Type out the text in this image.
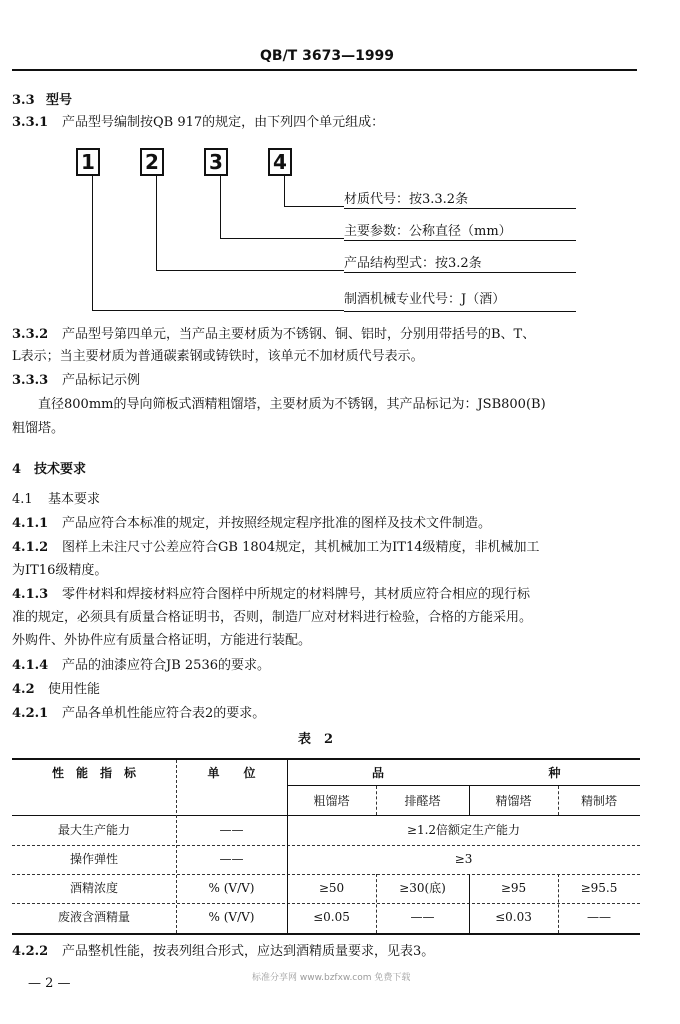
QB/T 3673—1999
3.3 型号
3.3.1 产品型号编制按QB 917的规定，由下列四个单元组成：
1	2	3	4
材质代号：按3.3.2条
主要参数：公称直径（mm）
产品结构型式：按3.2条
制酒机械专业代号：J（酒）
3.3.2 产品型号第四单元，当产品主要材质为不锈钢、铜、铝时，分别用带括号的B、T、
L表示；当主要材质为普通碳素钢或铸铁时，该单元不加材质代号表示。
3.3.3 产品标记示例
直径800mm的导向筛板式酒精粗馏塔，主要材质为不锈钢，其产品标记为：JSB800(B)
粗馏塔。
4 技术要求
4.1 基本要求
4.1.1 产品应符合本标准的规定，并按照经规定程序批准的图样及技术文件制造。
4.1.2 图样上未注尺寸公差应符合GB 1804规定，其机械加工为IT14级精度，非机械加工
为IT16级精度。
4.1.3 零件材料和焊接材料应符合图样中所规定的材料牌号，其材质应符合相应的现行标
准的规定，必须具有质量合格证明书，否则，制造厂应对材料进行检验，合格的方能采用。
外购件、外协件应有质量合格证明，方能进行装配。
4.1.4 产品的油漆应符合JB 2536的要求。
4.2 使用性能
4.2.1 产品各单机性能应符合表2的要求。
表　2
性　能　指　标	单　　位	品	种
粗馏塔	排醛塔	精馏塔	精制塔
最大生产能力	——	≥1.2倍额定生产能力
操作弹性	——	≥3
酒精浓度	% (V/V)	≥50	≥30(底)	≥95	≥95.5
废液含酒精量	% (V/V)	≤0.05	——	≤0.03	——
4.2.2 产品整机性能，按表列组合形式，应达到酒精质量要求，见表3。
— 2 —	标准分享网 www.bzfxw.com 免费下载
